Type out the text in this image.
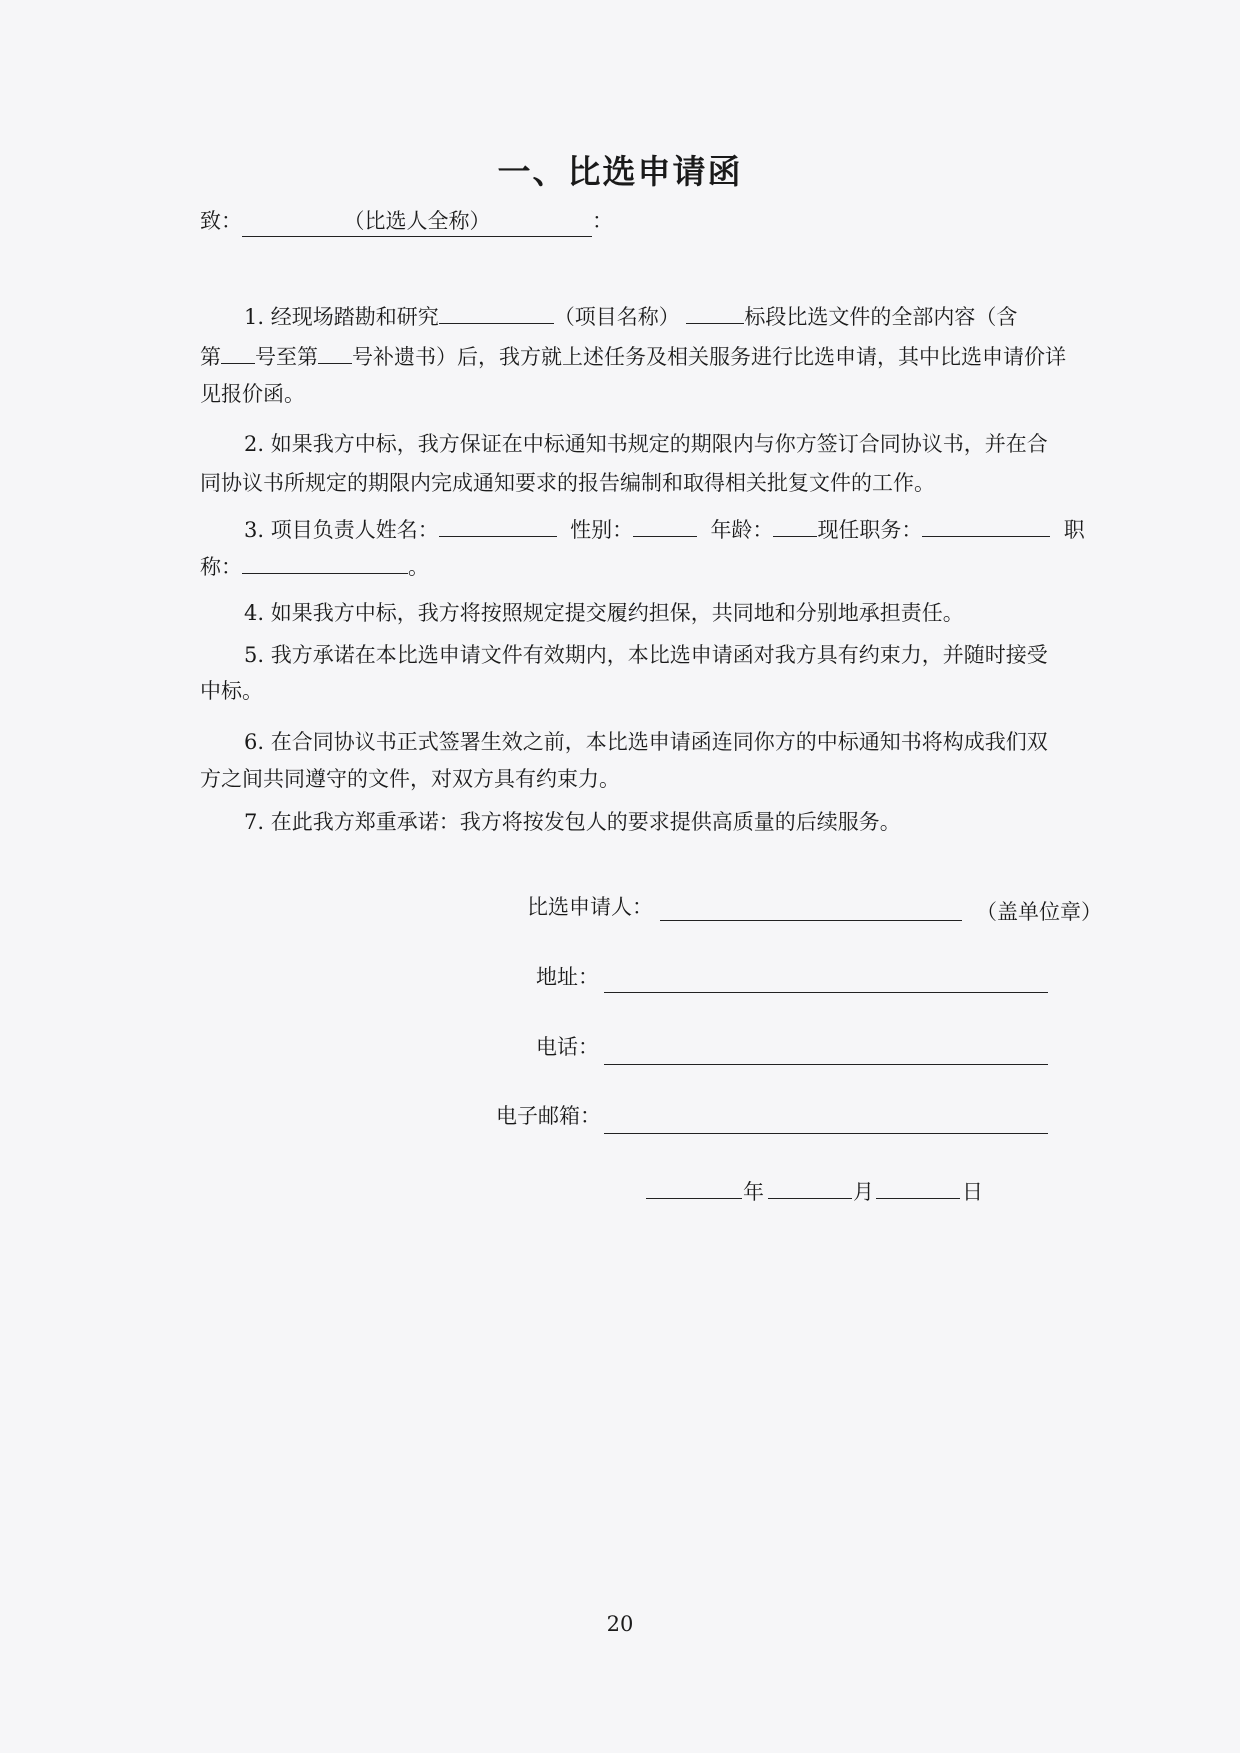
一、比选申请函
致：	（比选人全称）	：
1. 经现场踏勘和研究	（项目名称）	标段比选文件的全部内容（含
第 号至第 号补遗书）后，我方就上述任务及相关服务进行比选申请，其中比选申请价详
见报价函。
2. 如果我方中标，我方保证在中标通知书规定的期限内与你方签订合同协议书，并在合
同协议书所规定的期限内完成通知要求的报告编制和取得相关批复文件的工作。
3. 项目负责人姓名：	性别：	年龄： 现任职务：	职
称：	。
4. 如果我方中标，我方将按照规定提交履约担保，共同地和分别地承担责任。
5. 我方承诺在本比选申请文件有效期内，本比选申请函对我方具有约束力，并随时接受
中标。
6. 在合同协议书正式签署生效之前，本比选申请函连同你方的中标通知书将构成我们双
方之间共同遵守的文件，对双方具有约束力。
7. 在此我方郑重承诺：我方将按发包人的要求提供高质量的后续服务。
比选申请人：	（盖单位章）
地址：
电话：
电子邮箱：
年	月	日
20
